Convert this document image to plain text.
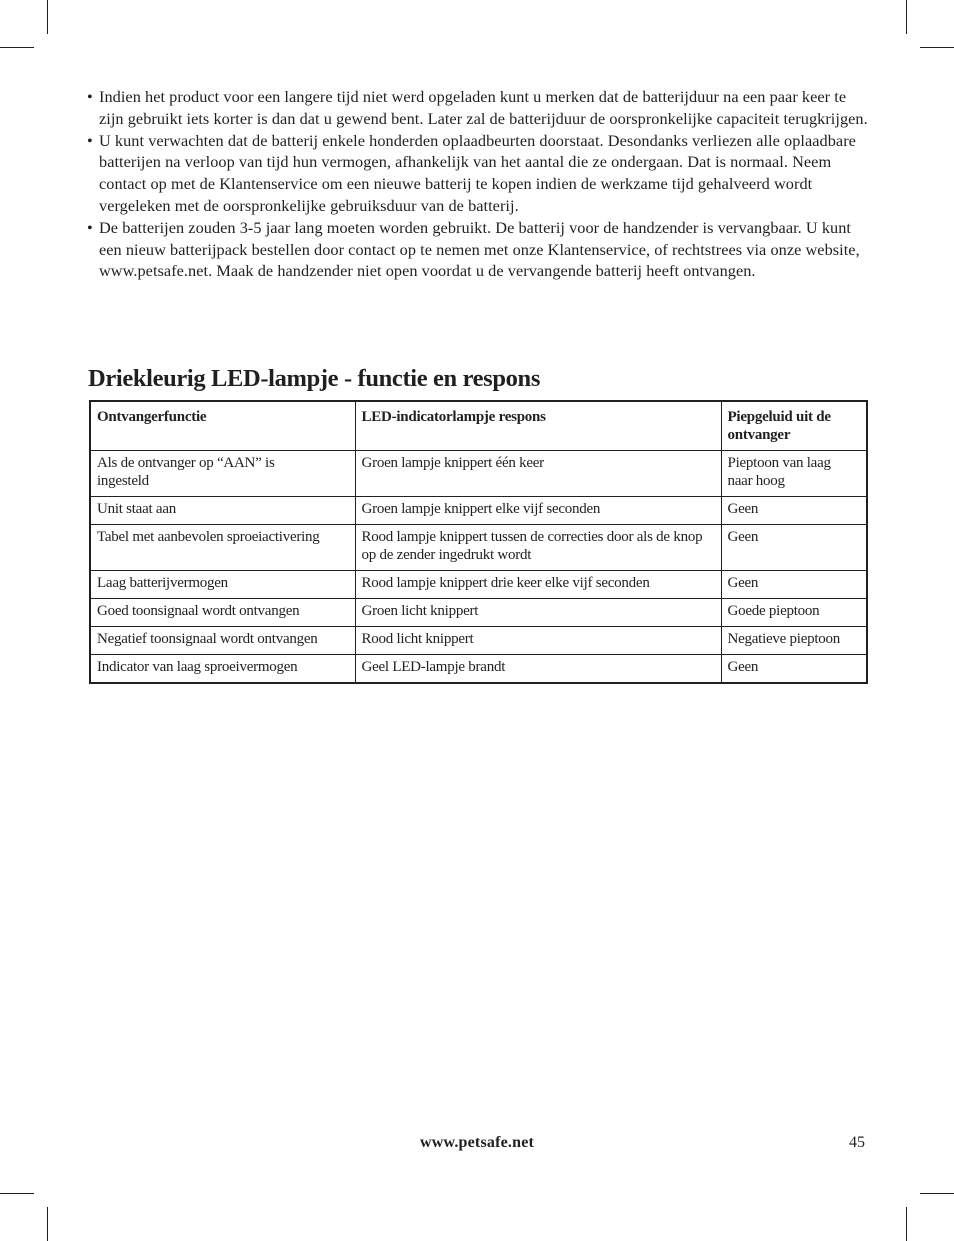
• Indien het product voor een langere tijd niet werd opgeladen kunt u merken dat de batterijduur na een paar keer te zijn gebruikt iets korter is dan dat u gewend bent. Later zal de batterijduur de oorspronkelijke capaciteit terugkrijgen.
• U kunt verwachten dat de batterij enkele honderden oplaadbeurten doorstaat. Desondanks verliezen alle oplaadbare batterijen na verloop van tijd hun vermogen, afhankelijk van het aantal die ze ondergaan. Dat is normaal. Neem contact op met de Klantenservice om een nieuwe batterij te kopen indien de werkzame tijd gehalveerd wordt vergeleken met de oorspronkelijke gebruiksduur van de batterij.
• De batterijen zouden 3-5 jaar lang moeten worden gebruikt. De batterij voor de handzender is vervangbaar. U kunt een nieuw batterijpack bestellen door contact op te nemen met onze Klantenservice, of rechtstrees via onze website, www.petsafe.net. Maak de handzender niet open voordat u de vervangende batterij heeft ontvangen.
Driekleurig LED-lampje - functie en respons
Ontvangerfunctie	LED-indicatorlampje respons	Piepgeluid uit de ontvanger
Als de ontvanger op “AAN” is ingesteld	Groen lampje knippert één keer	Pieptoon van laag naar hoog
Unit staat aan	Groen lampje knippert elke vijf seconden	Geen
Tabel met aanbevolen sproeiactivering	Rood lampje knippert tussen de correcties door als de knop op de zender ingedrukt wordt	Geen
Laag batterijvermogen	Rood lampje knippert drie keer elke vijf seconden	Geen
Goed toonsignaal wordt ontvangen	Groen licht knippert	Goede pieptoon
Negatief toonsignaal wordt ontvangen	Rood licht knippert	Negatieve pieptoon
Indicator van laag sproeivermogen	Geel LED-lampje brandt	Geen
www.petsafe.net	45
